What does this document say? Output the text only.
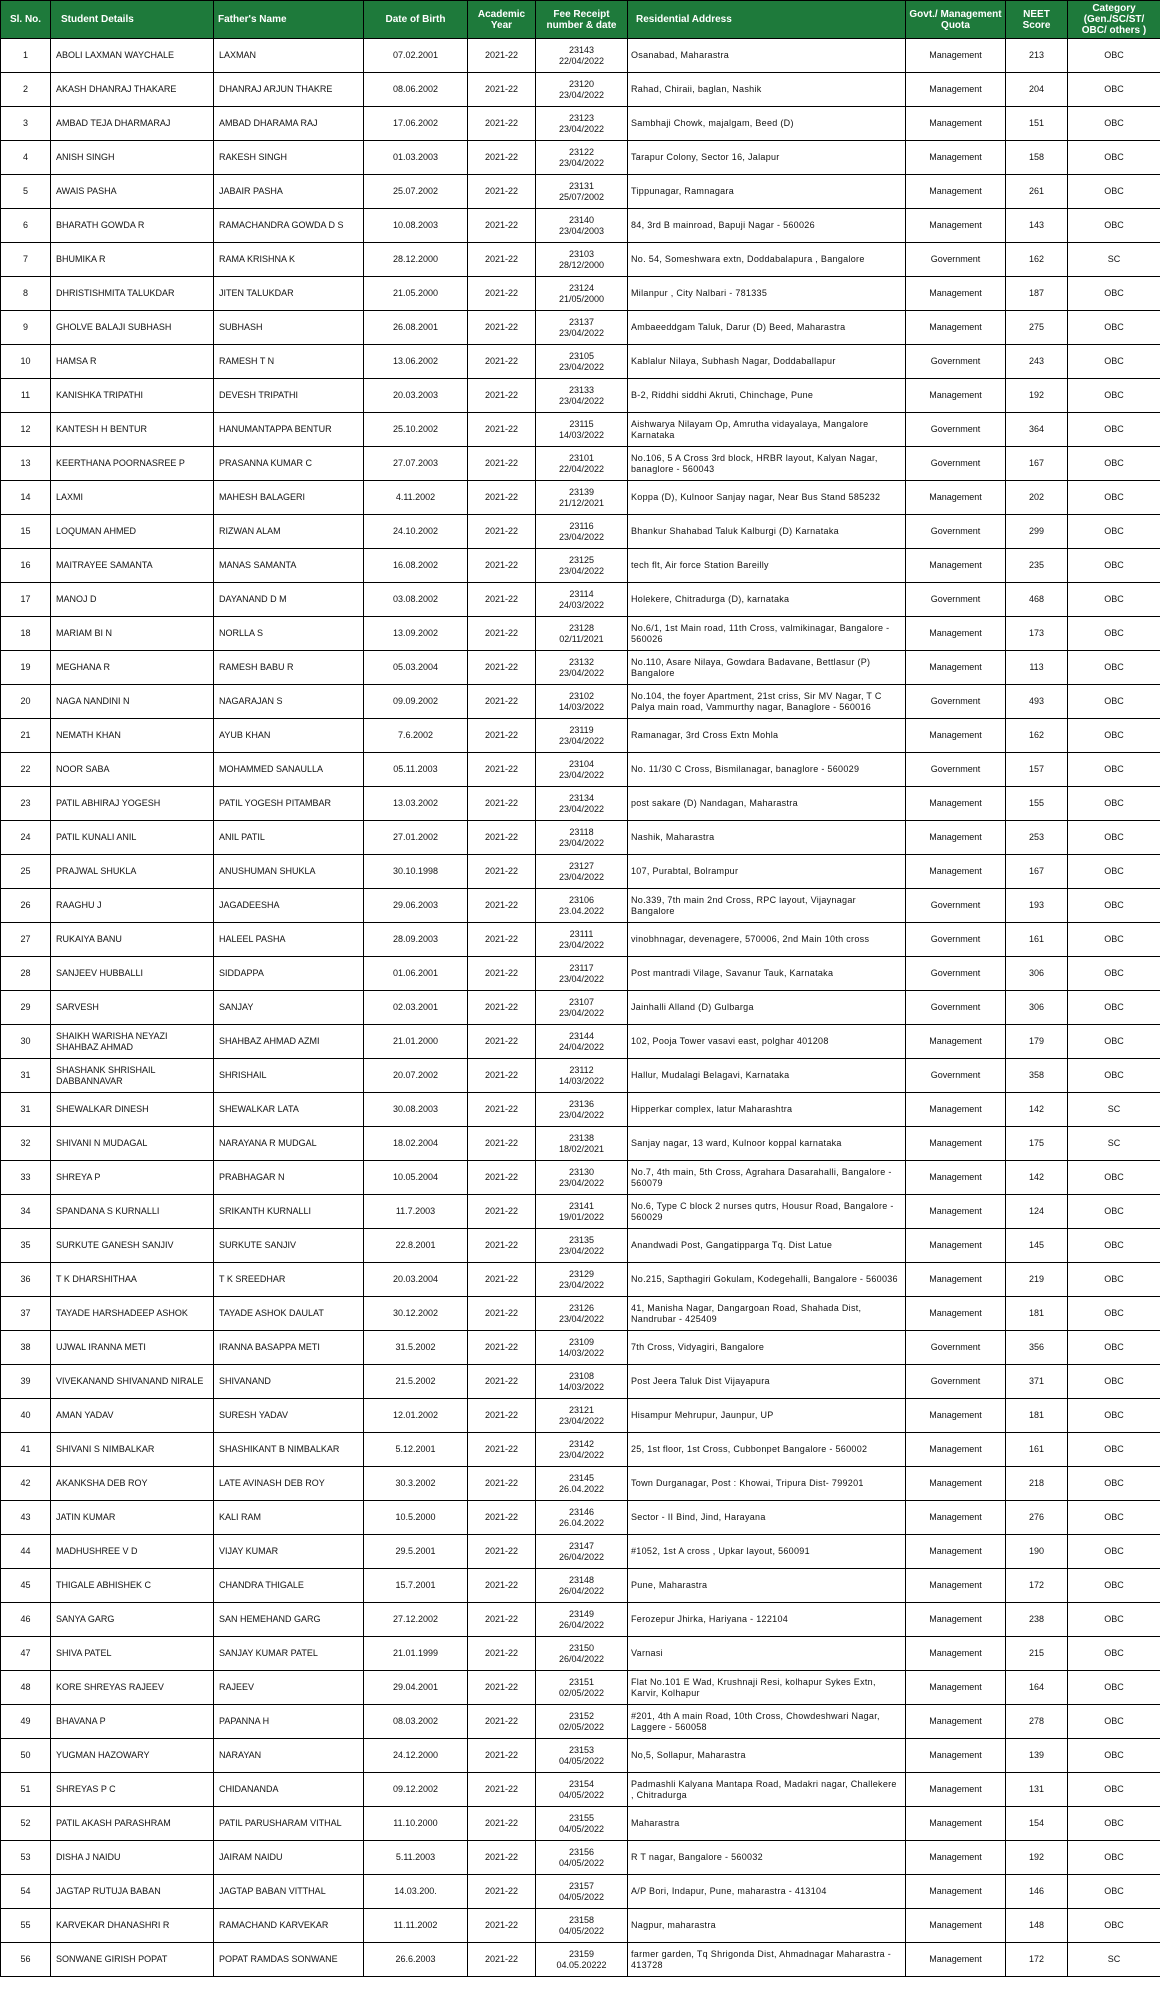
Sl. No.	Student Details	Father's Name	Date of Birth	Academic Year	Fee Receipt number & date	Residential Address	Govt./ Management Quota	NEET Score	Category (Gen./SC/ST/ OBC/ others )
1	ABOLI LAXMAN WAYCHALE	LAXMAN	07.02.2001	2021-22	23143
22/04/2022	Osanabad, Maharastra	Management	213	OBC
2	AKASH DHANRAJ THAKARE	DHANRAJ ARJUN THAKRE	08.06.2002	2021-22	23120
23/04/2022	Rahad, Chiraii, baglan, Nashik	Management	204	OBC
3	AMBAD TEJA DHARMARAJ	AMBAD DHARAMA RAJ	17.06.2002	2021-22	23123
23/04/2022	Sambhaji Chowk, majalgam, Beed (D)	Management	151	OBC
4	ANISH SINGH	RAKESH SINGH	01.03.2003	2021-22	23122
23/04/2022	Tarapur Colony, Sector 16, Jalapur	Management	158	OBC
5	AWAIS PASHA	JABAIR PASHA	25.07.2002	2021-22	23131
25/07/2002	Tippunagar, Ramnagara	Management	261	OBC
6	BHARATH GOWDA R	RAMACHANDRA GOWDA D S	10.08.2003	2021-22	23140
23/04/2003	84, 3rd B mainroad, Bapuji Nagar - 560026	Management	143	OBC
7	BHUMIKA R	RAMA KRISHNA K	28.12.2000	2021-22	23103
28/12/2000	No. 54, Someshwara extn, Doddabalapura , Bangalore	Government	162	SC
8	DHRISTISHMITA TALUKDAR	JITEN TALUKDAR	21.05.2000	2021-22	23124
21/05/2000	Milanpur , City Nalbari - 781335	Management	187	OBC
9	GHOLVE BALAJI SUBHASH	SUBHASH	26.08.2001	2021-22	23137
23/04/2022	Ambaeeddgam Taluk, Darur (D) Beed, Maharastra	Management	275	OBC
10	HAMSA R	RAMESH T N	13.06.2002	2021-22	23105
23/04/2022	Kablalur Nilaya, Subhash Nagar, Doddaballapur	Government	243	OBC
11	KANISHKA TRIPATHI	DEVESH TRIPATHI	20.03.2003	2021-22	23133
23/04/2022	B-2, Riddhi siddhi Akruti, Chinchage, Pune	Management	192	OBC
12	KANTESH H BENTUR	HANUMANTAPPA BENTUR	25.10.2002	2021-22	23115
14/03/2022	Aishwarya Nilayam Op, Amrutha vidayalaya, Mangalore Karnataka	Government	364	OBC
13	KEERTHANA POORNASREE P	PRASANNA KUMAR C	27.07.2003	2021-22	23101
22/04/2022	No.106, 5 A Cross 3rd block, HRBR layout, Kalyan Nagar, banaglore - 560043	Government	167	OBC
14	LAXMI	MAHESH BALAGERI	4.11.2002	2021-22	23139
21/12/2021	Koppa (D), Kulnoor Sanjay nagar, Near Bus Stand 585232	Management	202	OBC
15	LOQUMAN AHMED	RIZWAN ALAM	24.10.2002	2021-22	23116
23/04/2022	Bhankur Shahabad Taluk Kalburgi (D) Karnataka	Government	299	OBC
16	MAITRAYEE SAMANTA	MANAS SAMANTA	16.08.2002	2021-22	23125
23/04/2022	tech flt, Air force Station Bareilly	Management	235	OBC
17	MANOJ D	DAYANAND D M	03.08.2002	2021-22	23114
24/03/2022	Holekere, Chitradurga (D), karnataka	Government	468	OBC
18	MARIAM BI N	NORLLA S	13.09.2002	2021-22	23128
02/11/2021	No.6/1, 1st Main road, 11th Cross, valmikinagar, Bangalore - 560026	Management	173	OBC
19	MEGHANA R	RAMESH BABU R	05.03.2004	2021-22	23132
23/04/2022	No.110, Asare Nilaya, Gowdara Badavane, Bettlasur (P) Bangalore	Management	113	OBC
20	NAGA NANDINI N	NAGARAJAN S	09.09.2002	2021-22	23102
14/03/2022	No.104, the foyer Apartment, 21st criss, Sir MV Nagar, T C Palya main road, Vammurthy nagar, Banaglore - 560016	Government	493	OBC
21	NEMATH KHAN	AYUB KHAN	7.6.2002	2021-22	23119
23/04/2022	Ramanagar, 3rd Cross Extn Mohla	Management	162	OBC
22	NOOR SABA	MOHAMMED SANAULLA	05.11.2003	2021-22	23104
23/04/2022	No. 11/30 C Cross, Bismilanagar, banaglore - 560029	Government	157	OBC
23	PATIL ABHIRAJ YOGESH	PATIL YOGESH PITAMBAR	13.03.2002	2021-22	23134
23/04/2022	post sakare (D) Nandagan, Maharastra	Management	155	OBC
24	PATIL KUNALI ANIL	ANIL PATIL	27.01.2002	2021-22	23118
23/04/2022	Nashik, Maharastra	Management	253	OBC
25	PRAJWAL SHUKLA	ANUSHUMAN SHUKLA	30.10.1998	2021-22	23127
23/04/2022	107, Purabtal, Bolrampur	Management	167	OBC
26	RAAGHU J	JAGADEESHA	29.06.2003	2021-22	23106
23.04.2022	No.339, 7th main 2nd Cross, RPC layout, Vijaynagar Bangalore	Government	193	OBC
27	RUKAIYA BANU	HALEEL PASHA	28.09.2003	2021-22	23111
23/04/2022	vinobhnagar, devenagere, 570006, 2nd Main 10th cross	Government	161	OBC
28	SANJEEV HUBBALLI	SIDDAPPA	01.06.2001	2021-22	23117
23/04/2022	Post mantradi Vilage, Savanur Tauk, Karnataka	Government	306	OBC
29	SARVESH	SANJAY	02.03.2001	2021-22	23107
23/04/2022	Jainhalli Alland (D) Gulbarga	Government	306	OBC
30	SHAIKH WARISHA NEYAZI SHAHBAZ AHMAD	SHAHBAZ AHMAD AZMI	21.01.2000	2021-22	23144
24/04/2022	102, Pooja Tower vasavi east, polghar 401208	Management	179	OBC
31	SHASHANK SHRISHAIL DABBANNAVAR	SHRISHAIL	20.07.2002	2021-22	23112
14/03/2022	Hallur, Mudalagi Belagavi, Karnataka	Government	358	OBC
31	SHEWALKAR DINESH	SHEWALKAR LATA	30.08.2003	2021-22	23136
23/04/2022	Hipperkar complex, latur Maharashtra	Management	142	SC
32	SHIVANI N MUDAGAL	NARAYANA R MUDGAL	18.02.2004	2021-22	23138
18/02/2021	Sanjay nagar, 13 ward, Kulnoor koppal karnataka	Management	175	SC
33	SHREYA P	PRABHAGAR N	10.05.2004	2021-22	23130
23/04/2022	No.7, 4th main, 5th Cross, Agrahara Dasarahalli, Bangalore - 560079	Management	142	OBC
34	SPANDANA S KURNALLI	SRIKANTH KURNALLI	11.7.2003	2021-22	23141
19/01/2022	No.6, Type C block 2 nurses qutrs, Housur Road, Bangalore - 560029	Management	124	OBC
35	SURKUTE GANESH SANJIV	SURKUTE SANJIV	22.8.2001	2021-22	23135
23/04/2022	Anandwadi Post, Gangatipparga Tq. Dist Latue	Management	145	OBC
36	T K DHARSHITHAA	T K SREEDHAR	20.03.2004	2021-22	23129
23/04/2022	No.215, Sapthagiri Gokulam, Kodegehalli, Bangalore - 560036	Management	219	OBC
37	TAYADE HARSHADEEP ASHOK	TAYADE ASHOK DAULAT	30.12.2002	2021-22	23126
23/04/2022	41, Manisha Nagar, Dangargoan Road, Shahada Dist, Nandrubar - 425409	Management	181	OBC
38	UJWAL IRANNA METI	IRANNA BASAPPA METI	31.5.2002	2021-22	23109
14/03/2022	7th Cross, Vidyagiri, Bangalore	Government	356	OBC
39	VIVEKANAND SHIVANAND NIRALE	SHIVANAND	21.5.2002	2021-22	23108
14/03/2022	Post Jeera Taluk Dist Vijayapura	Government	371	OBC
40	AMAN YADAV	SURESH YADAV	12.01.2002	2021-22	23121
23/04/2022	Hisampur Mehrupur, Jaunpur, UP	Management	181	OBC
41	SHIVANI S NIMBALKAR	SHASHIKANT B NIMBALKAR	5.12.2001	2021-22	23142
23/04/2022	25, 1st floor, 1st Cross, Cubbonpet Bangalore - 560002	Management	161	OBC
42	AKANKSHA DEB ROY	LATE AVINASH DEB ROY	30.3.2002	2021-22	23145
26.04.2022	Town Durganagar, Post : Khowai, Tripura Dist- 799201	Management	218	OBC
43	JATIN KUMAR	KALI RAM	10.5.2000	2021-22	23146
26.04.2022	Sector - II Bind, Jind, Harayana	Management	276	OBC
44	MADHUSHREE V D	VIJAY KUMAR	29.5.2001	2021-22	23147
26/04/2022	#1052, 1st A cross , Upkar layout, 560091	Management	190	OBC
45	THIGALE ABHISHEK C	CHANDRA THIGALE	15.7.2001	2021-22	23148
26/04/2022	Pune, Maharastra	Management	172	OBC
46	SANYA GARG	SAN HEMEHAND GARG	27.12.2002	2021-22	23149
26/04/2022	Ferozepur Jhirka, Hariyana - 122104	Management	238	OBC
47	SHIVA PATEL	SANJAY KUMAR PATEL	21.01.1999	2021-22	23150
26/04/2022	Varnasi	Management	215	OBC
48	KORE SHREYAS RAJEEV	RAJEEV	29.04.2001	2021-22	23151
02/05/2022	Flat No.101 E Wad, Krushnaji Resi, kolhapur Sykes Extn, Karvir, Kolhapur	Management	164	OBC
49	BHAVANA P	PAPANNA H	08.03.2002	2021-22	23152
02/05/2022	#201, 4th A main Road, 10th Cross, Chowdeshwari Nagar, Laggere - 560058	Management	278	OBC
50	YUGMAN HAZOWARY	NARAYAN	24.12.2000	2021-22	23153
04/05/2022	No,5, Sollapur, Maharastra	Management	139	OBC
51	SHREYAS P C	CHIDANANDA	09.12.2002	2021-22	23154
04/05/2022	Padmashli Kalyana Mantapa Road, Madakri nagar, Challekere , Chitradurga	Management	131	OBC
52	PATIL AKASH PARASHRAM	PATIL PARUSHARAM VITHAL	11.10.2000	2021-22	23155
04/05/2022	Maharastra	Management	154	OBC
53	DISHA J NAIDU	JAIRAM NAIDU	5.11.2003	2021-22	23156
04/05/2022	R T nagar, Bangalore - 560032	Management	192	OBC
54	JAGTAP RUTUJA BABAN	JAGTAP BABAN VITTHAL	14.03.200.	2021-22	23157
04/05/2022	A/P Bori, Indapur, Pune, maharastra - 413104	Management	146	OBC
55	KARVEKAR DHANASHRI R	RAMACHAND KARVEKAR	11.11.2002	2021-22	23158
04/05/2022	Nagpur, maharastra	Management	148	OBC
56	SONWANE GIRISH POPAT	POPAT RAMDAS SONWANE	26.6.2003	2021-22	23159
04.05.20222	farmer garden, Tq Shrigonda Dist, Ahmadnagar Maharastra - 413728	Management	172	SC
